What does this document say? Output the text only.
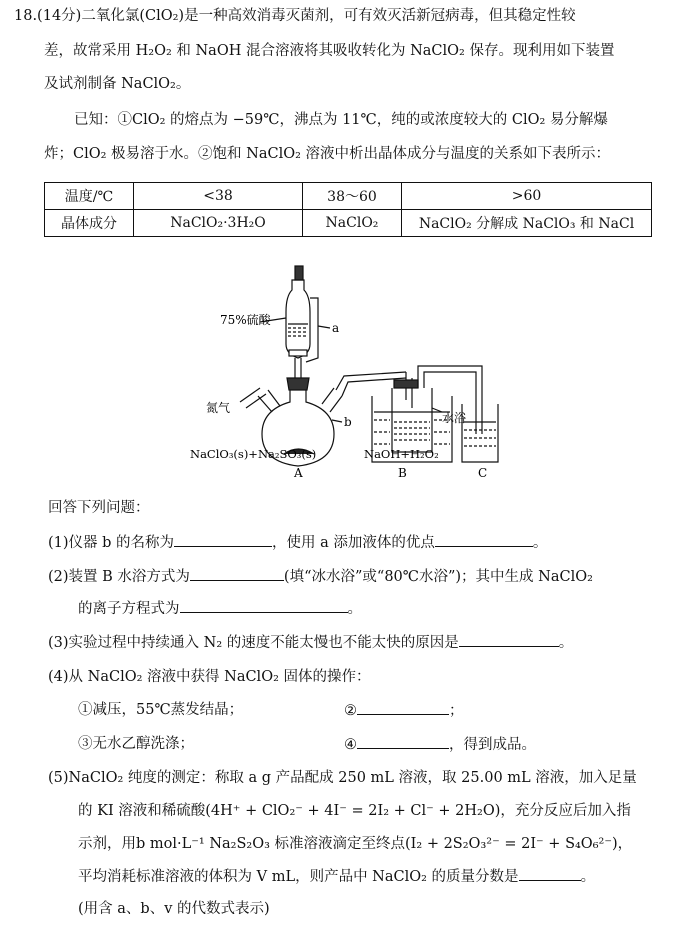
18.(14分)二氧化氯(ClO₂)是一种高效消毒灭菌剂，可有效灭活新冠病毒，但其稳定性较
差，故常采用 H₂O₂ 和 NaOH 混合溶液将其吸收转化为 NaClO₂ 保存。现利用如下装置
及试剂制备 NaClO₂。
已知：①ClO₂ 的熔点为 −59℃，沸点为 11℃，纯的或浓度较大的 ClO₂ 易分解爆
炸；ClO₂ 极易溶于水。②饱和 NaClO₂ 溶液中析出晶体成分与温度的关系如下表所示：
温度/℃	<38	38～60	>60
晶体成分	NaClO₂·3H₂O	NaClO₂	NaClO₂ 分解成 NaClO₃ 和 NaCl
75%硫酸
a
b
氮气
水浴
NaClO₃(s)+Na₂SO₃(s)	NaOH+H₂O₂
A	B	C
回答下列问题：
(1)仪器 b 的名称为	，使用 a 添加液体的优点	。
(2)装置 B 水浴方式为	(填“冰水浴”或“80℃水浴”)；其中生成 NaClO₂
的离子方程式为	。
(3)实验过程中持续通入 N₂ 的速度不能太慢也不能太快的原因是	。
(4)从 NaClO₂ 溶液中获得 NaClO₂ 固体的操作：
①减压，55℃蒸发结晶；	②	；
③无水乙醇洗涤；	④	，得到成品。
(5)NaClO₂ 纯度的测定：称取 a g 产品配成 250 mL 溶液，取 25.00 mL 溶液，加入足量
的 KI 溶液和稀硫酸(4H⁺ + ClO₂⁻ + 4I⁻ = 2I₂ + Cl⁻ + 2H₂O)，充分反应后加入指
示剂，用b mol·L⁻¹ Na₂S₂O₃ 标准溶液滴定至终点(I₂ + 2S₂O₃²⁻ = 2I⁻ + S₄O₆²⁻)，
平均消耗标准溶液的体积为 V mL，则产品中 NaClO₂ 的质量分数是	。
(用含 a、b、v 的代数式表示)
